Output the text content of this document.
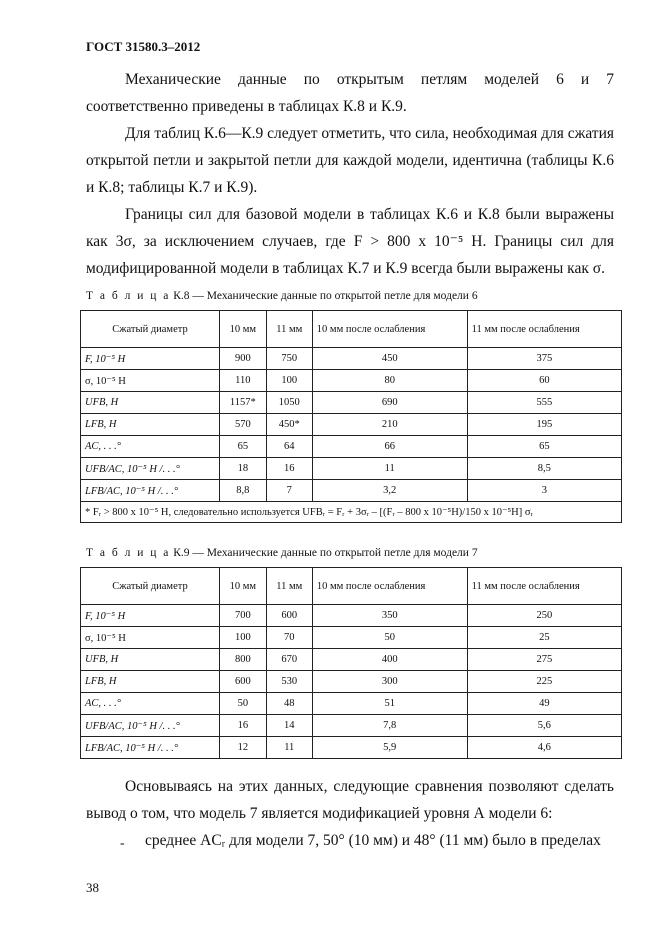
ГОСТ 31580.3–2012
Механические данные по открытым петлям моделей 6 и 7 соответственно приведены в таблицах К.8 и К.9.
Для таблиц К.6—К.9 следует отметить, что сила, необходимая для сжатия открытой петли и закрытой петли для каждой модели, идентична (таблицы К.6 и К.8; таблицы К.7 и К.9).
Границы сил для базовой модели в таблицах К.6 и К.8 были выражены как 3σ, за исключением случаев, где F > 800 x 10⁻⁵ Н. Границы сил для модифицированной модели в таблицах К.7 и К.9 всегда были выражены как σ.
Т а б л и ц а К.8 — Механические данные по открытой петле для модели 6
Сжатый диаметр	10 мм	11 мм	10 мм после ослабления	11 мм после ослабления
F, 10⁻⁵ Н	900	750	450	375
σ, 10⁻⁵ Н	110	100	80	60
UFB, Н	1157*	1050	690	555
LFB, Н	570	450*	210	195
AC, . . .°	65	64	66	65
UFB/AC, 10⁻⁵ Н /. . .°	18	16	11	8,5
LFB/AC, 10⁻⁵ Н /. . .°	8,8	7	3,2	3
* Fᵣ > 800 x 10⁻⁵ Н, следовательно используется UFBᵣ = Fᵣ + 3σᵣ – [(Fᵣ – 800 x 10⁻⁵Н)/150 x 10⁻⁵Н] σᵣ				
Т а б л и ц а К.9 — Механические данные по открытой петле для модели 7
Сжатый диаметр	10 мм	11 мм	10 мм после ослабления	11 мм после ослабления
F, 10⁻⁵ Н	700	600	350	250
σ, 10⁻⁵ Н	100	70	50	25
UFB, Н	800	670	400	275
LFB, Н	600	530	300	225
AC, . . .°	50	48	51	49
UFB/AC, 10⁻⁵ Н /. . .°	16	14	7,8	5,6
LFB/AC, 10⁻⁵ Н /. . .°	12	11	5,9	4,6
Основываясь на этих данных, следующие сравнения позволяют сделать вывод о том, что модель 7 является модификацией уровня А модели 6:
- среднее ACᵣ для модели 7, 50° (10 мм) и 48° (11 мм) было в пределах
38
